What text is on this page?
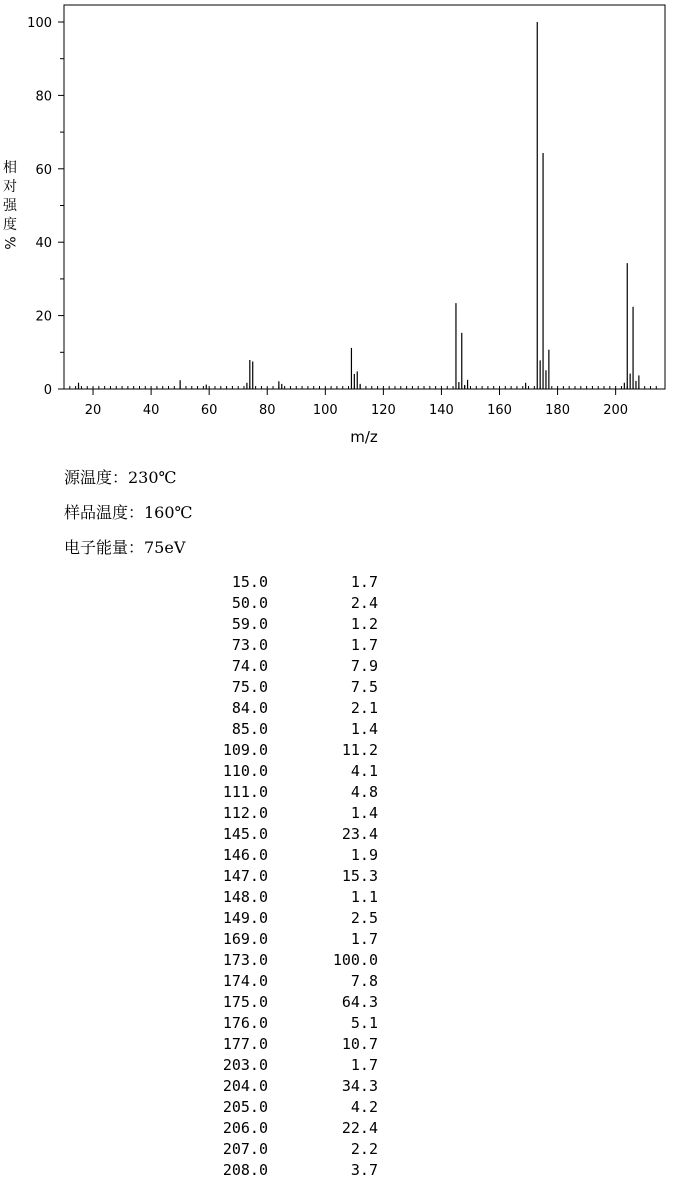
20	40	60	80	100	120	140	160	180	200
0
20
40
60
80
100
m/z
相
对
强
度
%
源温度：230℃
样品温度：160℃
电子能量：75eV
15.0	1.7
50.0	2.4
59.0	1.2
73.0	1.7
74.0	7.9
75.0	7.5
84.0	2.1
85.0	1.4
109.0	11.2
110.0	4.1
111.0	4.8
112.0	1.4
145.0	23.4
146.0	1.9
147.0	15.3
148.0	1.1
149.0	2.5
169.0	1.7
173.0	100.0
174.0	7.8
175.0	64.3
176.0	5.1
177.0	10.7
203.0	1.7
204.0	34.3
205.0	4.2
206.0	22.4
207.0	2.2
208.0	3.7
